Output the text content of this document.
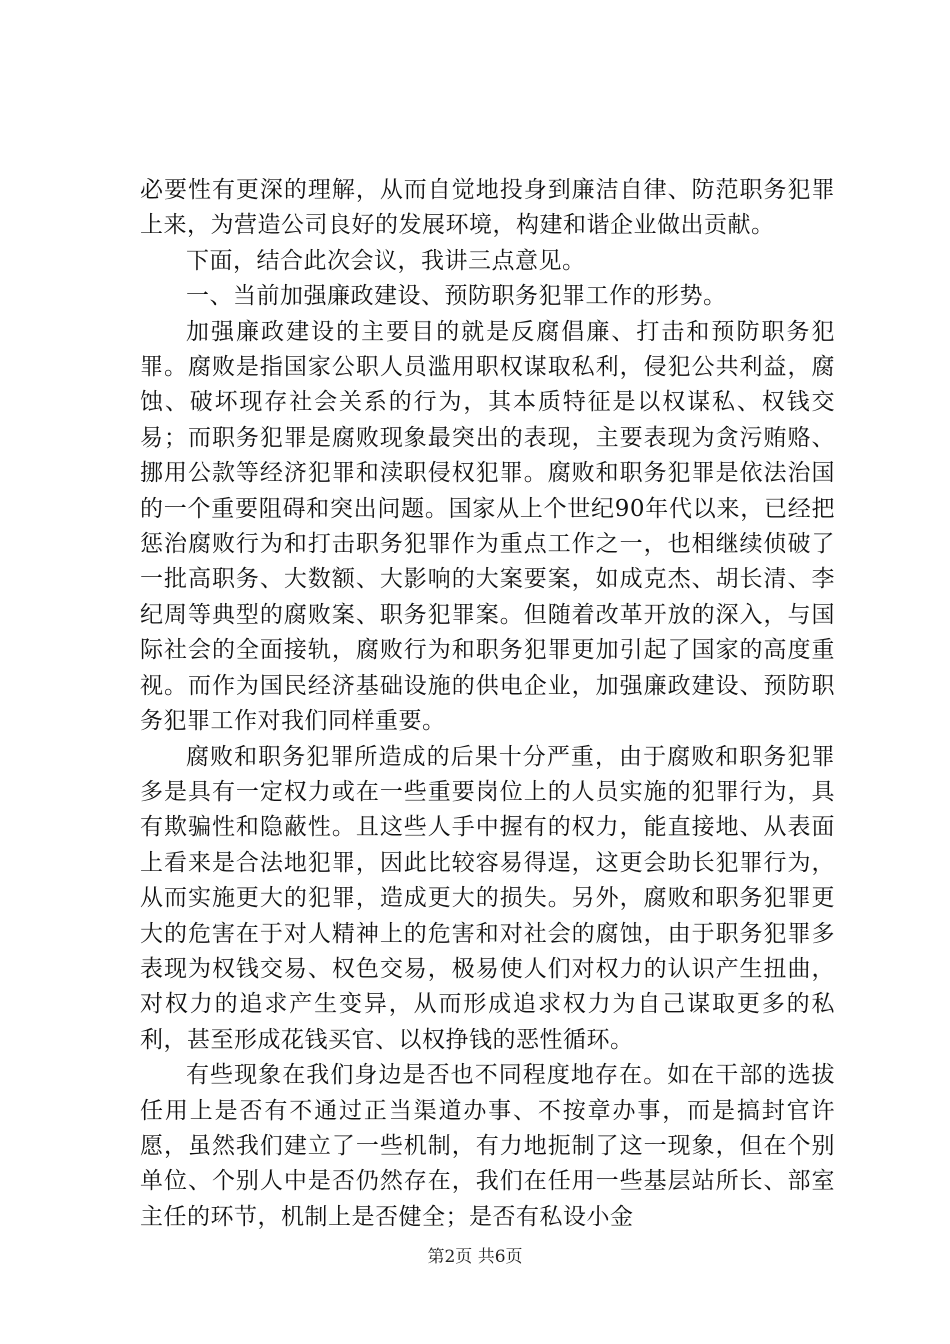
必要性有更深的理解，从而自觉地投身到廉洁自律、防范职务犯罪上来，为营造公司良好的发展环境，构建和谐企业做出贡献。

下面，结合此次会议，我讲三点意见。

一、当前加强廉政建设、预防职务犯罪工作的形势。

加强廉政建设的主要目的就是反腐倡廉、打击和预防职务犯罪。腐败是指国家公职人员滥用职权谋取私利，侵犯公共利益，腐蚀、破坏现存社会关系的行为，其本质特征是以权谋私、权钱交易；而职务犯罪是腐败现象最突出的表现，主要表现为贪污贿赂、挪用公款等经济犯罪和渎职侵权犯罪。腐败和职务犯罪是依法治国的一个重要阻碍和突出问题。国家从上个世纪90年代以来，已经把惩治腐败行为和打击职务犯罪作为重点工作之一，也相继续侦破了一批高职务、大数额、大影响的大案要案，如成克杰、胡长清、李纪周等典型的腐败案、职务犯罪案。但随着改革开放的深入，与国际社会的全面接轨，腐败行为和职务犯罪更加引起了国家的高度重视。而作为国民经济基础设施的供电企业，加强廉政建设、预防职务犯罪工作对我们同样重要。

腐败和职务犯罪所造成的后果十分严重，由于腐败和职务犯罪多是具有一定权力或在一些重要岗位上的人员实施的犯罪行为，具有欺骗性和隐蔽性。且这些人手中握有的权力，能直接地、从表面上看来是合法地犯罪，因此比较容易得逞，这更会助长犯罪行为，从而实施更大的犯罪，造成更大的损失。另外，腐败和职务犯罪更大的危害在于对人精神上的危害和对社会的腐蚀，由于职务犯罪多表现为权钱交易、权色交易，极易使人们对权力的认识产生扭曲，对权力的追求产生变异，从而形成追求权力为自己谋取更多的私利，甚至形成花钱买官、以权挣钱的恶性循环。

有些现象在我们身边是否也不同程度地存在。如在干部的选拔任用上是否有不通过正当渠道办事、不按章办事，而是搞封官许愿，虽然我们建立了一些机制，有力地扼制了这一现象，但在个别单位、个别人中是否仍然存在，我们在任用一些基层站所长、部室主任的环节，机制上是否健全；是否有私设小金

第2页 共6页
